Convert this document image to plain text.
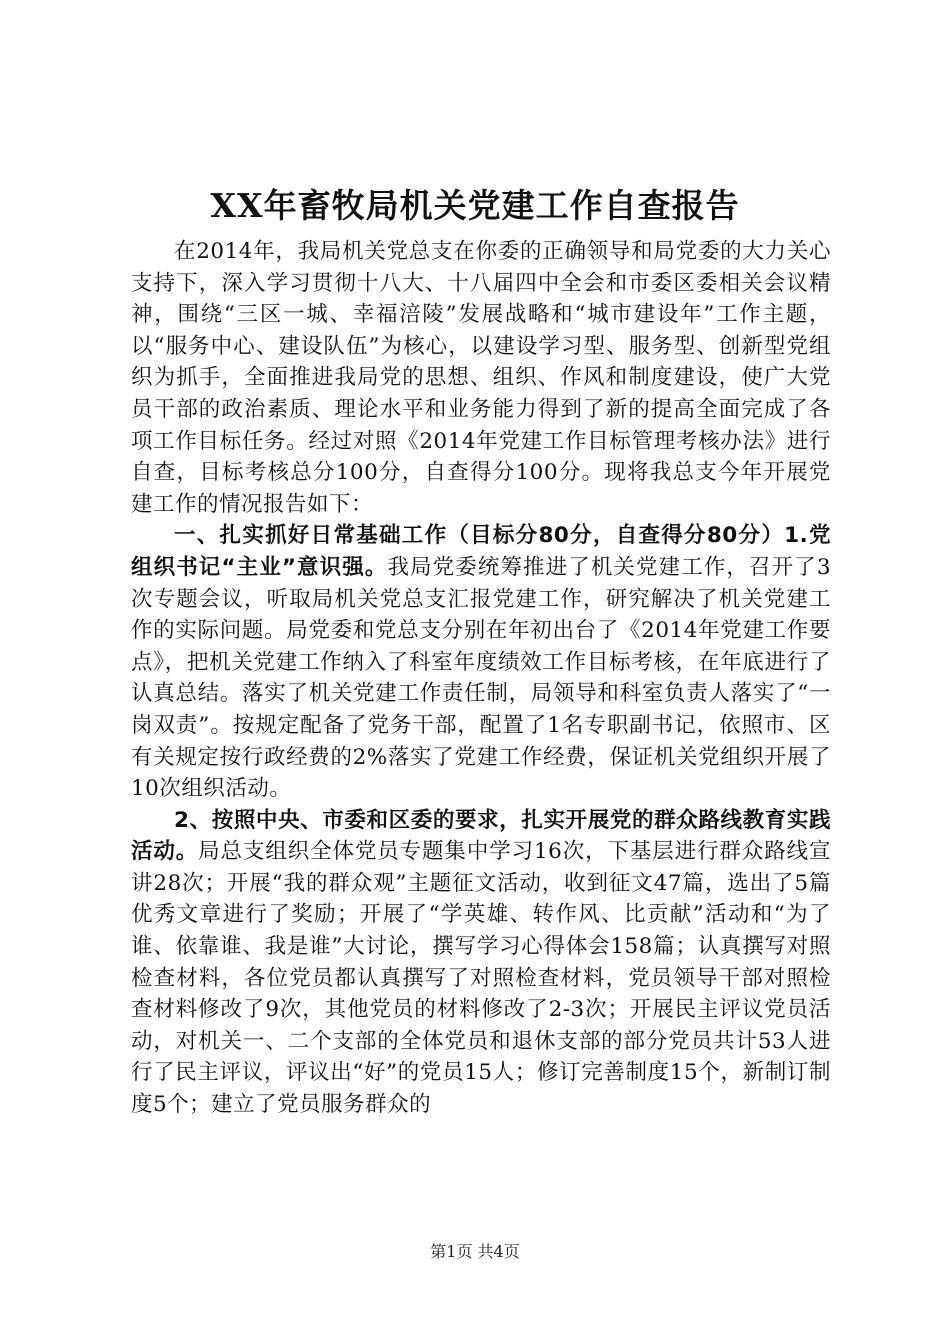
XX年畜牧局机关党建工作自查报告

在2014年，我局机关党总支在你委的正确领导和局党委的大力关心支持下，深入学习贯彻十八大、十八届四中全会和市委区委相关会议精神，围绕“三区一城、幸福涪陵”发展战略和“城市建设年”工作主题，以“服务中心、建设队伍”为核心，以建设学习型、服务型、创新型党组织为抓手，全面推进我局党的思想、组织、作风和制度建设，使广大党员干部的政治素质、理论水平和业务能力得到了新的提高全面完成了各项工作目标任务。经过对照《2014年党建工作目标管理考核办法》进行自查，目标考核总分100分，自查得分100分。现将我总支今年开展党建工作的情况报告如下：

一、扎实抓好日常基础工作（目标分80分，自查得分80分）1.党组织书记“主业”意识强。我局党委统筹推进了机关党建工作，召开了3次专题会议，听取局机关党总支汇报党建工作，研究解决了机关党建工作的实际问题。局党委和党总支分别在年初出台了《2014年党建工作要点》，把机关党建工作纳入了科室年度绩效工作目标考核，在年底进行了认真总结。落实了机关党建工作责任制，局领导和科室负责人落实了“一岗双责”。按规定配备了党务干部，配置了1名专职副书记，依照市、区有关规定按行政经费的2%落实了党建工作经费，保证机关党组织开展了10次组织活动。

2、按照中央、市委和区委的要求，扎实开展党的群众路线教育实践活动。局总支组织全体党员专题集中学习16次，下基层进行群众路线宣讲28次；开展“我的群众观”主题征文活动，收到征文47篇，选出了5篇优秀文章进行了奖励；开展了“学英雄、转作风、比贡献”活动和“为了谁、依靠谁、我是谁”大讨论，撰写学习心得体会158篇；认真撰写对照检查材料，各位党员都认真撰写了对照检查材料，党员领导干部对照检查材料修改了9次，其他党员的材料修改了2-3次；开展民主评议党员活动，对机关一、二个支部的全体党员和退休支部的部分党员共计53人进行了民主评议，评议出“好”的党员15人；修订完善制度15个，新制订制度5个；建立了党员服务群众的

第1页 共4页
